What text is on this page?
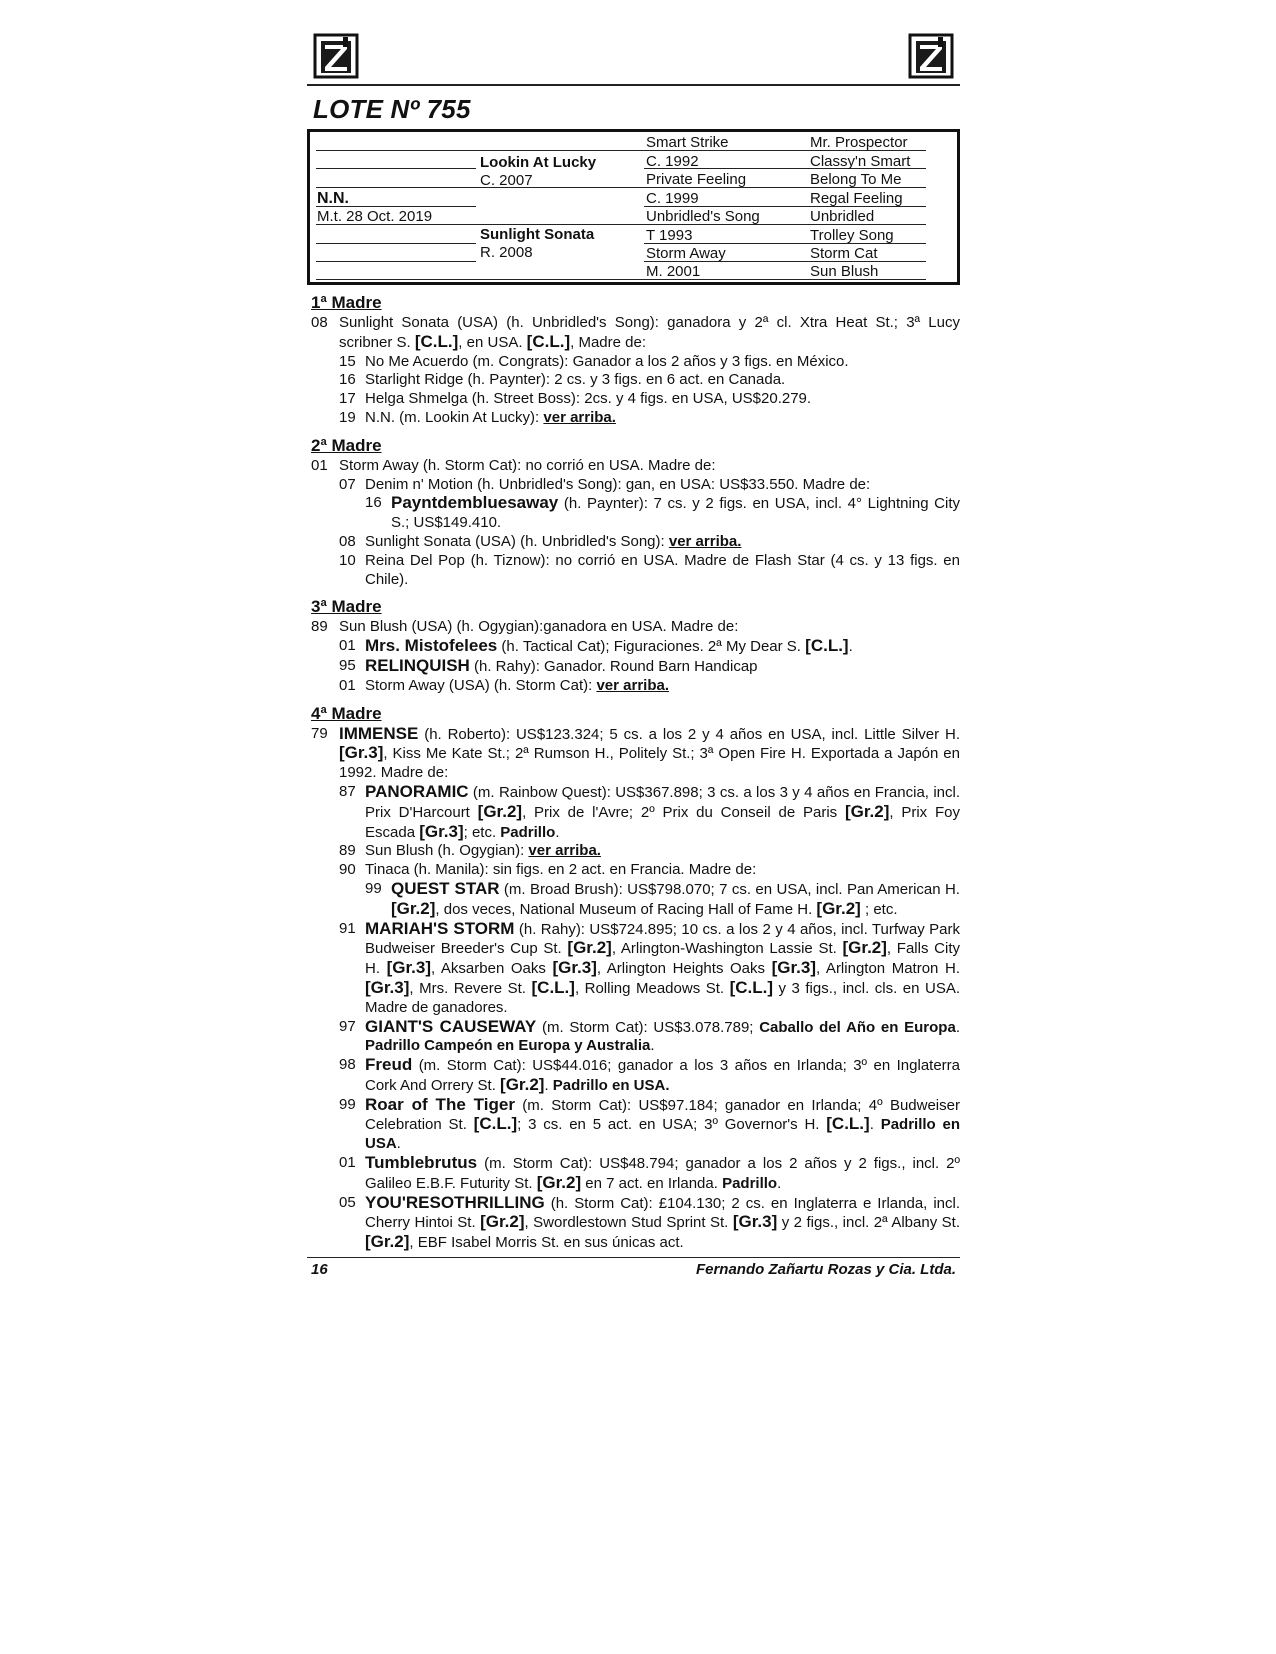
LOTE Nº 755
N.N.
M.t. 28 Oct. 2019
Lookin At Lucky
C. 2007
Sunlight Sonata
R. 2008
Smart Strike
C. 1992
Private Feeling
C. 1999
Unbridled's Song
T 1993
Storm Away
M. 2001
Mr. Prospector
Classy'n Smart
Belong To Me
Regal Feeling
Unbridled
Trolley Song
Storm Cat
Sun Blush
1ª Madre
08 Sunlight Sonata (USA) (h. Unbridled's Song): ganadora y 2ª cl. Xtra Heat St.; 3ª Lucy scribner S. [C.L.], en USA. [C.L.], Madre de:
15 No Me Acuerdo (m. Congrats): Ganador a los 2 años y 3 figs. en México.
16 Starlight Ridge (h. Paynter): 2 cs. y 3 figs. en 6 act. en Canada.
17 Helga Shmelga (h. Street Boss): 2cs. y 4 figs. en USA, US$20.279.
19 N.N. (m. Lookin At Lucky): ver arriba.
2ª Madre
01 Storm Away (h. Storm Cat): no corrió en USA. Madre de:
07 Denim n' Motion (h. Unbridled's Song): gan, en USA: US$33.550. Madre de:
16 Payntdembluesaway (h. Paynter): 7 cs. y 2 figs. en USA, incl. 4° Lightning City S.; US$149.410.
08 Sunlight Sonata (USA) (h. Unbridled's Song): ver arriba.
10 Reina Del Pop (h. Tiznow): no corrió en USA. Madre de Flash Star (4 cs. y 13 figs. en Chile).
3ª Madre
89 Sun Blush (USA) (h. Ogygian):ganadora en USA. Madre de:
01 Mrs. Mistofelees (h. Tactical Cat); Figuraciones. 2ª My Dear S. [C.L.].
95 RELINQUISH (h. Rahy): Ganador. Round Barn Handicap
01 Storm Away (USA) (h. Storm Cat): ver arriba.
4ª Madre
79 IMMENSE (h. Roberto): US$123.324; 5 cs. a los 2 y 4 años en USA, incl. Little Silver H. [Gr.3], Kiss Me Kate St.; 2ª Rumson H., Politely St.; 3ª Open Fire H. Exportada a Japón en 1992. Madre de:
87 PANORAMIC (m. Rainbow Quest): US$367.898; 3 cs. a los 3 y 4 años en Francia, incl. Prix D'Harcourt [Gr.2], Prix de l'Avre; 2º Prix du Conseil de Paris [Gr.2], Prix Foy Escada [Gr.3]; etc. Padrillo.
89 Sun Blush (h. Ogygian): ver arriba.
90 Tinaca (h. Manila): sin figs. en 2 act. en Francia. Madre de:
99 QUEST STAR (m. Broad Brush): US$798.070; 7 cs. en USA, incl. Pan American H. [Gr.2], dos veces, National Museum of Racing Hall of Fame H. [Gr.2] ; etc.
91 MARIAH'S STORM (h. Rahy): US$724.895; 10 cs. a los 2 y 4 años, incl. Turfway Park Budweiser Breeder's Cup St. [Gr.2], Arlington-Washington Lassie St. [Gr.2], Falls City H. [Gr.3], Aksarben Oaks [Gr.3], Arlington Heights Oaks [Gr.3], Arlington Matron H. [Gr.3], Mrs. Revere St. [C.L.], Rolling Meadows St. [C.L.] y 3 figs., incl. cls. en USA. Madre de ganadores.
97 GIANT'S CAUSEWAY (m. Storm Cat): US$3.078.789; Caballo del Año en Europa. Padrillo Campeón en Europa y Australia.
98 Freud (m. Storm Cat): US$44.016; ganador a los 3 años en Irlanda; 3º en Inglaterra Cork And Orrery St. [Gr.2]. Padrillo en USA.
99 Roar of The Tiger (m. Storm Cat): US$97.184; ganador en Irlanda; 4º Budweiser Celebration St. [C.L.]; 3 cs. en 5 act. en USA; 3º Governor's H. [C.L.]. Padrillo en USA.
01 Tumblebrutus (m. Storm Cat): US$48.794; ganador a los 2 años y 2 figs., incl. 2º Galileo E.B.F. Futurity St. [Gr.2] en 7 act. en Irlanda. Padrillo.
05 YOU'RESOTHRILLING (h. Storm Cat): £104.130; 2 cs. en Inglaterra e Irlanda, incl. Cherry Hintoi St. [Gr.2], Swordlestown Stud Sprint St. [Gr.3] y 2 figs., incl. 2ª Albany St. [Gr.2], EBF Isabel Morris St. en sus únicas act.
16	Fernando Zañartu Rozas y Cia. Ltda.
